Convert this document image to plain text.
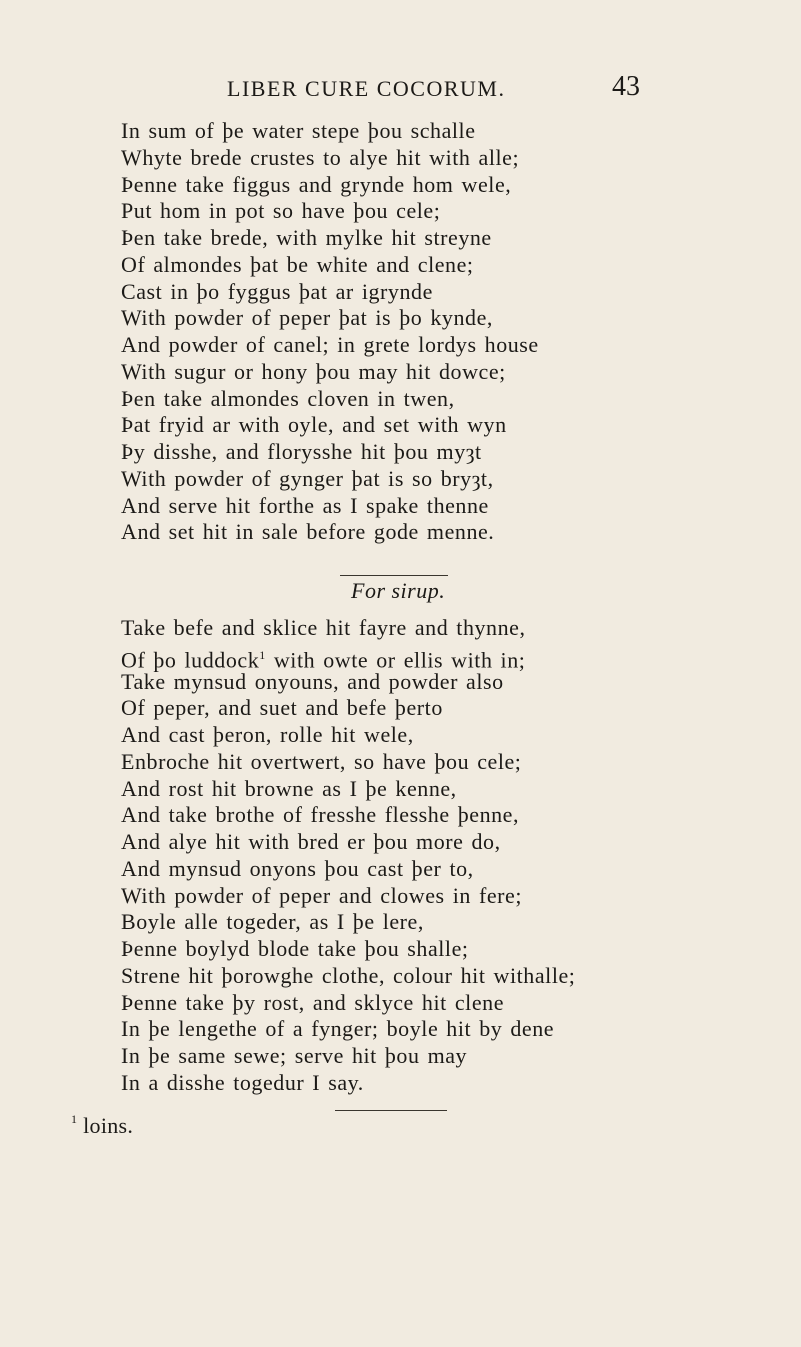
LIBER CURE COCORUM.	43
In sum of þe water stepe þou schalle
Whyte brede crustes to alye hit with alle;
Þenne take figgus and grynde hom wele,
Put hom in pot so have þou cele;
Þen take brede, with mylke hit streyne
Of almondes þat be white and clene;
Cast in þo fyggus þat ar igrynde
With powder of peper þat is þo kynde,
And powder of canel; in grete lordys house
With sugur or hony þou may hit dowce;
Þen take almondes cloven in twen,
Þat fryid ar with oyle, and set with wyn
Þy disshe, and florysshe hit þou myȝt
With powder of gynger þat is so bryȝt,
And serve hit forthe as I spake thenne
And set hit in sale before gode menne.
For sirup.
Take befe and sklice hit fayre and thynne,
Of þo luddock$^1$ with owte or ellis with in;
Take mynsud onyouns, and powder also
Of peper, and suet and befe þerto
And cast þeron, rolle hit wele,
Enbroche hit overtwert, so have þou cele;
And rost hit browne as I þe kenne,
And take brothe of fresshe flesshe þenne,
And alye hit with bred er þou more do,
And mynsud onyons þou cast þer to,
With powder of peper and clowes in fere;
Boyle alle togeder, as I þe lere,
Þenne boylyd blode take þou shalle;
Strene hit þorowghe clothe, colour hit withalle;
Þenne take þy rost, and sklyce hit clene
In þe lengethe of a fynger; boyle hit by dene
In þe same sewe; serve hit þou may
In a disshe togedur I say.
$^1$ loins.
